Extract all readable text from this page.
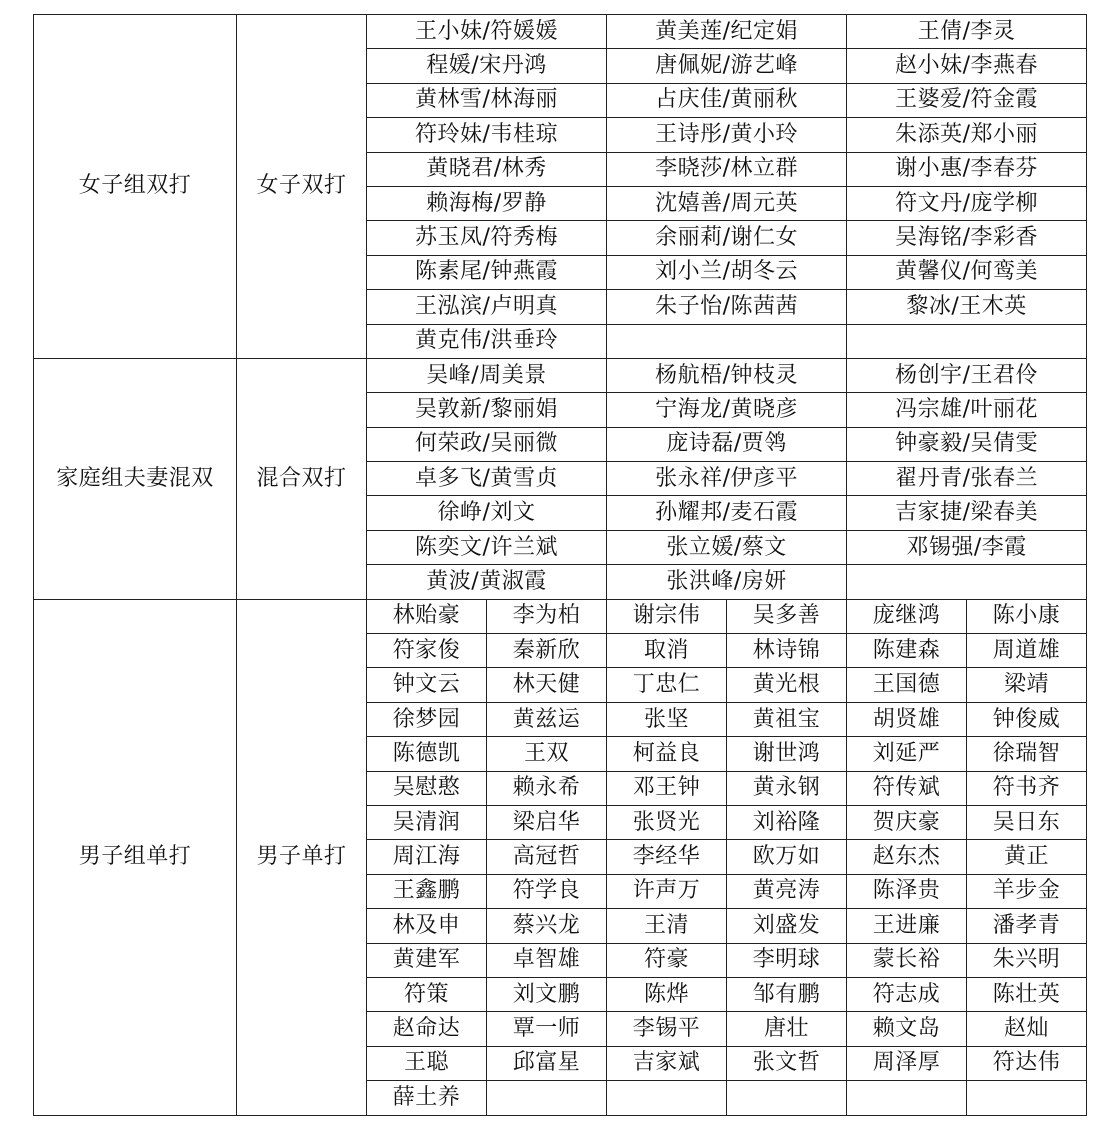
女子组双打	女子双打	王小妹/符媛媛		黄美莲/纪定娟		王倩/李灵	
		程媛/宋丹鸿		唐佩妮/游艺峰		赵小妹/李燕春	
		黄林雪/林海丽		占庆佳/黄丽秋		王婆爱/符金霞	
		符玲妹/韦桂琼		王诗彤/黄小玲		朱添英/郑小丽	
		黄晓君/林秀		李晓莎/林立群		谢小惠/李春芬	
		赖海梅/罗静		沈嬉善/周元英		符文丹/庞学柳	
		苏玉凤/符秀梅		余丽莉/谢仁女		吴海铭/李彩香	
		陈素尾/钟燕霞		刘小兰/胡冬云		黄馨仪/何鸾美	
		王泓滨/卢明真		朱子怡/陈茜茜		黎冰/王木英	
		黄克伟/洪垂玲					
家庭组夫妻混双	混合双打	吴峰/周美景		杨航梧/钟枝灵		杨创宇/王君伶	
		吴敦新/黎丽娟		宁海龙/黄晓彦		冯宗雄/叶丽花	
		何荣政/吴丽微		庞诗磊/贾鸰		钟豪毅/吴倩雯	
		卓多飞/黄雪贞		张永祥/伊彦平		翟丹青/张春兰	
		徐峥/刘文		孙耀邦/麦石霞		吉家捷/梁春美	
		陈奕文/许兰斌		张立媛/蔡文		邓锡强/李霞	
		黄波/黄淑霞		张洪峰/房妍			
男子组单打	男子单打	林贻豪	李为柏	谢宗伟	吴多善	庞继鸿	陈小康
		符家俊	秦新欣	取消	林诗锦	陈建森	周道雄
		钟文云	林天健	丁忠仁	黄光根	王国德	梁靖
		徐梦园	黄兹运	张坚	黄祖宝	胡贤雄	钟俊威
		陈德凯	王双	柯益良	谢世鸿	刘延严	徐瑞智
		吴慰憨	赖永希	邓王钟	黄永钢	符传斌	符书齐
		吴清润	梁启华	张贤光	刘裕隆	贺庆豪	吴日东
		周江海	高冠哲	李经华	欧万如	赵东杰	黄正
		王鑫鹏	符学良	许声万	黄亮涛	陈泽贵	羊步金
		林及申	蔡兴龙	王清	刘盛发	王进廉	潘孝青
		黄建军	卓智雄	符豪	李明球	蒙长裕	朱兴明
		符策	刘文鹏	陈烨	邹有鹏	符志成	陈壮英
		赵命达	覃一师	李锡平	唐壮	赖文岛	赵灿
		王聪	邱富星	吉家斌	张文哲	周泽厚	符达伟
		薛土养					
